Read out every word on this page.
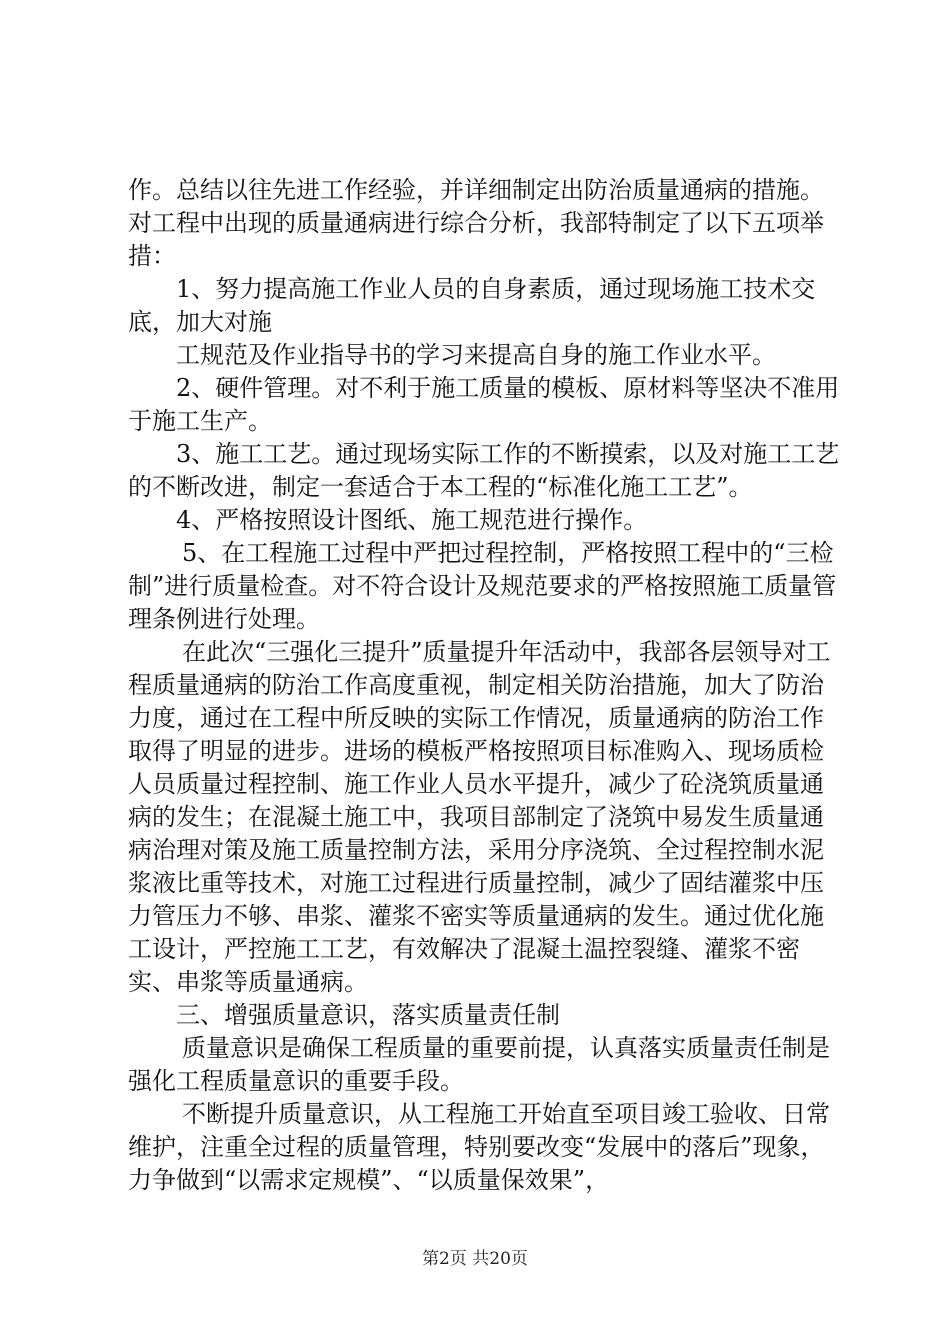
作。总结以往先进工作经验，并详细制定出防治质量通病的措施。对工程中出现的质量通病进行综合分析，我部特制定了以下五项举措：

1、努力提高施工作业人员的自身素质，通过现场施工技术交底，加大对施

工规范及作业指导书的学习来提高自身的施工作业水平。

2、硬件管理。对不利于施工质量的模板、原材料等坚决不准用于施工生产。

3、施工工艺。通过现场实际工作的不断摸索，以及对施工工艺的不断改进，制定一套适合于本工程的“标准化施工工艺”。

4、严格按照设计图纸、施工规范进行操作。

5、在工程施工过程中严把过程控制，严格按照工程中的“三检制”进行质量检查。对不符合设计及规范要求的严格按照施工质量管理条例进行处理。

在此次“三强化三提升”质量提升年活动中，我部各层领导对工程质量通病的防治工作高度重视，制定相关防治措施，加大了防治力度，通过在工程中所反映的实际工作情况，质量通病的防治工作取得了明显的进步。进场的模板严格按照项目标准购入、现场质检人员质量过程控制、施工作业人员水平提升，减少了砼浇筑质量通病的发生；在混凝土施工中，我项目部制定了浇筑中易发生质量通病治理对策及施工质量控制方法，采用分序浇筑、全过程控制水泥浆液比重等技术，对施工过程进行质量控制，减少了固结灌浆中压力管压力不够、串浆、灌浆不密实等质量通病的发生。通过优化施工设计，严控施工工艺，有效解决了混凝土温控裂缝、灌浆不密实、串浆等质量通病。

三、增强质量意识，落实质量责任制

质量意识是确保工程质量的重要前提，认真落实质量责任制是强化工程质量意识的重要手段。

不断提升质量意识，从工程施工开始直至项目竣工验收、日常维护，注重全过程的质量管理，特别要改变“发展中的落后”现象，力争做到“以需求定规模”、“以质量保效果”，

第2页 共20页
